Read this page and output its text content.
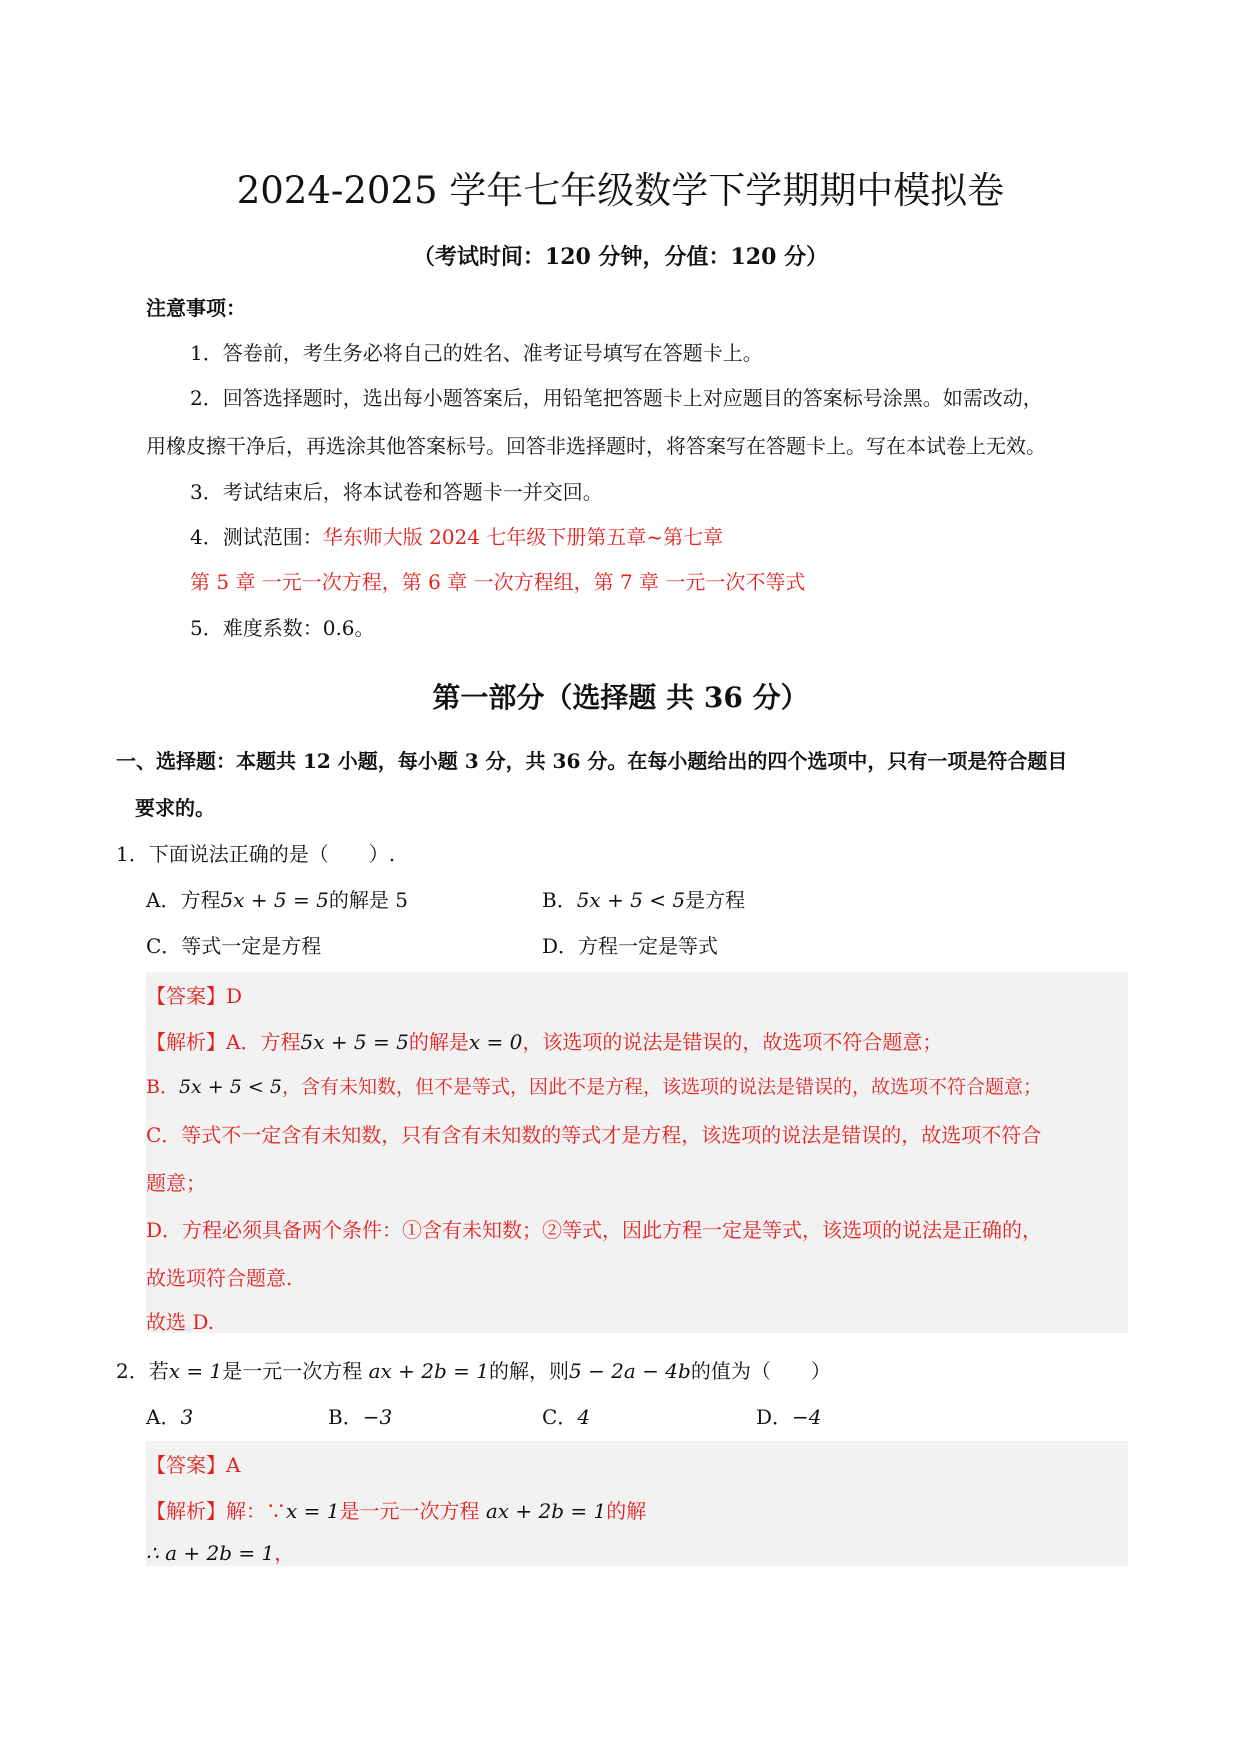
2024-2025 学年七年级数学下学期期中模拟卷
（考试时间：120 分钟，分值：120 分）
注意事项：
1．答卷前，考生务必将自己的姓名、准考证号填写在答题卡上。
2．回答选择题时，选出每小题答案后，用铅笔把答题卡上对应题目的答案标号涂黑。如需改动，
用橡皮擦干净后，再选涂其他答案标号。回答非选择题时，将答案写在答题卡上。写在本试卷上无效。
3．考试结束后，将本试卷和答题卡一并交回。
4．测试范围：华东师大版 2024 七年级下册第五章~第七章
第 5 章 一元一次方程，第 6 章 一次方程组，第 7 章 一元一次不等式
5．难度系数：0.6。
第一部分（选择题 共 36 分）
一、选择题：本题共 12 小题，每小题 3 分，共 36 分。在每小题给出的四个选项中，只有一项是符合题目
要求的。
1．下面说法正确的是（　　）.
A．方程5x + 5 = 5的解是 5	B．5x + 5 < 5是方程
C．等式一定是方程	D．方程一定是等式
【答案】D
【解析】A．方程5x + 5 = 5的解是x = 0，该选项的说法是错误的，故选项不符合题意；
B．5x + 5 < 5，含有未知数，但不是等式，因此不是方程，该选项的说法是错误的，故选项不符合题意；
C．等式不一定含有未知数，只有含有未知数的等式才是方程，该选项的说法是错误的，故选项不符合
题意；
D．方程必须具备两个条件：①含有未知数；②等式，因此方程一定是等式，该选项的说法是正确的，
故选项符合题意.
故选 D.
2．若x = 1是一元一次方程 ax + 2b = 1的解，则5 − 2a − 4b的值为（　　）
A．3	B．−3	C．4	D．−4
【答案】A
【解析】解：∵x = 1是一元一次方程 ax + 2b = 1的解
∴ a + 2b = 1，
